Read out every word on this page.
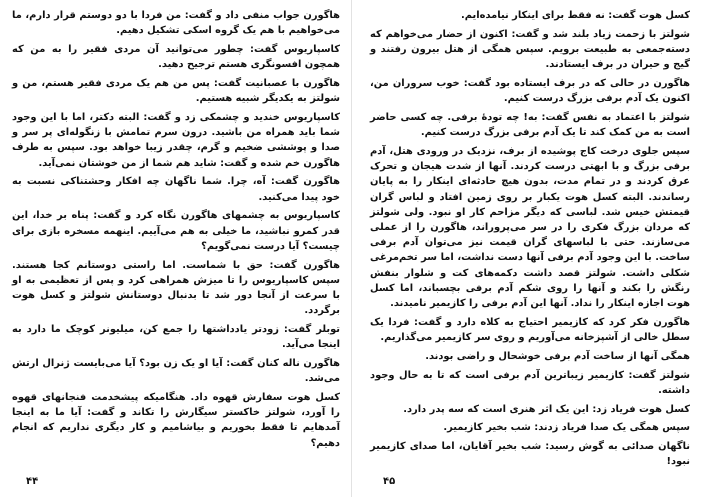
هاگورن جواب منفی داد و گفت: من فردا با دو دوستم قرار دارم، ما می‌خواهیم با هم یک گروه اسکی تشکیل دهیم.

کاسپاریوس گفت: چطور می‌توانید آن مردی فقیر را به من که همچون افسونگری هستم ترجیح دهید.

هاگورن با عصبانیت گفت: پس من هم یک مردی فقیر هستم، من و شولتز به یکدیگر شبیه هستیم.

کاسپاریوس خندید و چشمکی زد و گفت: البته دکتر، اما با این وجود شما باید همراه من باشید. درون سرم تمامش با زنگوله‌ای پر سر و صدا و پوششی ضخیم و گرم، چقدر زیبا خواهد بود. سپس به طرف هاگورن خم شده و گفت: شاید هم شما از من خوشتان نمی‌آید.

هاگورن گفت: آه، چرا. شما ناگهان چه افکار وحشتناکی نسبت به خود پیدا می‌کنید.

کاسپاریوس به چشمهای هاگورن نگاه کرد و گفت: پناه بر خدا، این قدر کمرو نباشید، ما خیلی به هم می‌آییم. اینهمه مسخره بازی برای چیست؟ آیا درست نمی‌گویم؟

هاگورن گفت: حق با شماست. اما راستی دوستانم کجا هستند. سپس کاسپاریوس را تا میزش همراهی کرد و پس از تعظیمی به او با سرعت از آنجا دور شد تا بدنبال دوستانش شولتز و کسل هوت برگردد.

توبلر گفت: زودتر یادداشتها را جمع کن، میلیونر کوچک ما دارد به اینجا می‌آید.

هاگورن ناله کنان گفت: آیا او یک زن بود؟ آیا می‌بایست ژنرال ارتش می‌شد.

کسل هوت سفارش قهوه داد. هنگامیکه پیشخدمت فنجانهای قهوه را آورد، شولتز خاکستر سیگارش را تکاند و گفت: آیا ما به اینجا آمدهایم تا فقط بخوریم و بیاشامیم و کار دیگری نداریم که انجام دهیم؟

۴۴

کسل هوت گفت: نه فقط برای اینکار نیامده‌ایم.

شولتز با زحمت زیاد بلند شد و گفت: اکنون از حضار می‌خواهم که دسته‌جمعی به طبیعت برویم. سپس همگی از هتل بیرون رفتند و گیج و حیران در برف ایستادند.

هاگورن در حالی که در برف ایستاده بود گفت: خوب سروران من، اکنون یک آدم برفی بزرگ درست کنیم.

شولتز با اعتماد به نفس گفت: به! چه تودهٔ برفی. چه کسی حاضر است به من کمک کند تا یک آدم برفی بزرگ درست کنیم.

سپس جلوی درخت کاج پوشیده از برف، نزدیک در ورودی هتل، آدم برفی بزرگ و با ابهتی درست کردند. آنها از شدت هیجان و تحرک عرق کردند و در تمام مدت، بدون هیچ حادثه‌ای اینکار را به پایان رساندند. البته کسل هوت یکبار بر روی زمین افتاد و لباس گران قیمتش خیس شد. لباسی که دیگر مزاحم کار او نبود. ولی شولتز که مردان بزرگ فکری را در سر می‌پروراند، هاگورن را از عملی می‌سازند. حتی با لباسهای گران قیمت نیز می‌توان آدم برفی ساخت. با این وجود آدم برفی آنها دست نداشت، اما سر تخم‌مرغی شکلی داشت. شولتز قصد داشت دکمه‌های کت و شلوار بنفش رنگش را بکند و آنها را روی شکم آدم برفی بچسباند، اما کسل هوت اجازه اینکار را نداد. آنها این آدم برفی را کازیمیر نامیدند.

هاگورن فکر کرد که کازیمیر احتیاج به کلاه دارد و گفت: فردا یک سطل خالی از آشپزخانه می‌آوریم و روی سر کازیمیر می‌گذاریم.

همگی آنها از ساخت آدم برفی خوشحال و راضی بودند.

شولتز گفت: کازیمیر زیباترین آدم برفی است که تا به حال وجود داشته.

کسل هوت فریاد زد: این یک اثر هنری است که سه پدر دارد.

سپس همگی یک صدا فریاد زدند: شب بخیر کازیمیر.

ناگهان صدائی به گوش رسید: شب بخیر آقایان، اما صدای کازیمیر نبود!

۴۵
